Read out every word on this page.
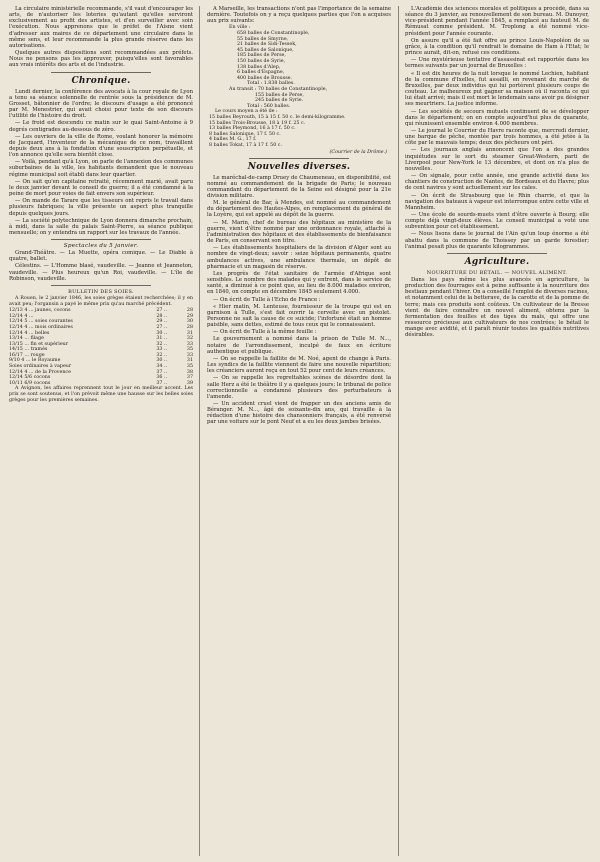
La circulaire ministérielle recommande, s'il vaut d'encourager les arts, de n'autoriser les loteries qu'autant qu'elles serviront exclusivement au profit des artistes, et d'en surveiller avec soin l'exécution. Nous apprenons que le préfet de l'Aisne vient d'adresser aux maires de ce département une circulaire dans le même sens, et leur recommande la plus grande réserve dans les autorisations.

Quelques autres dispositions sont recommandées aux préfets. Nous ne pensons pas les approuver, puisqu'elles sont favorables aux vrais intérêts des arts et de l'industrie.

Chronique.

Lundi dernier, la conférence des avocats à la cour royale de Lyon a tenu sa séance solennelle de rentrée sous la présidence de M. Grosset, bâtonnier de l'ordre; le discours d'usage a été prononcé par M. Menestrier, qui avait choisi pour texte de son discours l'utilité de l'histoire du droit.

— Le froid est descendu ce matin sur le quai Saint-Antoine à 9 degrés centigrades au-dessous de zéro.

— Les ouvriers de la ville de Rome, voulant honorer la mémoire de Jacquard, l'inventeur de la mécanique de ce nom, travaillent depuis deux ans à la fondation d'une souscription perpétuelle, et l'on annonce qu'elle sera bientôt close.

— Voilà, pendant qu'à Lyon, on parle de l'annexion des communes suburbaines de la ville, les habitants demandent que le nouveau régime municipal soit établi dans leur quartier.

— On sait qu'en capitaine retraité, récemment marié, avait paru le deux janvier devant le conseil de guerre; il a été condamné à la peine de mort pour voies de fait envers son supérieur.

— On mande de Tarare que les tisseurs ont repris le travail dans plusieurs fabriques; la ville présente un aspect plus tranquille depuis quelques jours.

— La société polytechnique de Lyon donnera dimanche prochain, à midi, dans la salle du palais Saint-Pierre, sa séance publique mensuelle; on y entendra un rapport sur les travaux de l'année.

Spectacles du 5 janvier.

Grand-Théâtre. — La Muette, opéra comique. — Le Diable à quatre, ballet.

Célestins. — L'Homme blasé, vaudeville. — Jeanne et Jeanneton, vaudeville. — Plus heureux qu'un Roi, vaudeville. — L'île de Robinson, vaudeville.

BULLETIN DES SOIES.

A Rouen, le 2 janvier 1846, les soies grèges étaient recherchées; il y en avait peu; l'organsin a payé le même prix qu'au marché précédent.

12/13 4 ... jaunes, cocons	27 ..	28
12/14 4 ...	28 ..	29
12/14 5 ... soies courantes	29 ..	30
12/14 4 ... mois ordinaires	27 ..	28
12/14 4 ... belles	30 ..	31
13/14 ... filage	31 ..	32
13/15 ... fin et supérieur	32 ..	33
14/15 ... tramés	33 ..	35
16/17 ... rouge	32 ..	33
9/10 4 ... le Royaume	30 ..	31
Soies ordinaires à vapeur	34 ..	35
12/14 4 ... de la Provence	37 ..	38
12/14 5/6 cocons	36 ..	37
10/11 6/9 cocons	37 ..	39

A Avignon, les affaires reprennent tout le jour en meilleur accent. Les prix se sont soutenus, et l'on prévoit même une hausse sur les belles soies grèges pour les premières semaines.

A Marseille, les transactions n'ont pas l'importance de la semaine dernière. Toutefois on y a reçu quelques parties que l'on a acquises aux prix suivants:

En ville :
658 balles de Constantinople,
55 balles de Smyrne,
21 balles de Sidi-Tessek,
45 balles de Salonique,
185 balles de Perse,
150 balles de Syrie,
138 balles d'Alep,
6 balles d'Espagne,
400 balles de Brousse.
Total : 1.838 balles.
Au transit : 70 balles de Constantinople,
155 balles de Perse,
245 balles de Syrie.
Total : 560 balles.
Le cours moyen a été de :
15 balles Beyrouth, 15 à 15 f. 50 c. le demi-kilogramme.
15 balles Trois-Brousse, 18 à 19 f. 25 c.
13 balles Pleymond, 16 à 17 f. 50 c.
8 balles Salonique, 17 f. 50 c.
4 balles M. G., 17 f.
8 balles Tokat, 17 à 17 f. 50 c.
(Courrier de la Drôme.)
Nouvelles diverses.

Le maréchal-de-camp Druey de Chaumeneau, en disponibilité, est nommé au commandement de la brigade de Paris; le nouveau commandant du département de la Seine est désigné pour la 21e division militaire.

M. le général de Bar, à Mendes, est nommé au commandement du département des Hautes-Alpes, en remplacement du général de la Loyère, qui est appelé au dépôt de la guerre.

— M. Marin, chef de bureau des hôpitaux au ministère de la guerre, vient d'être nommé par une ordonnance royale, attaché à l'administration des hôpitaux et des établissements de bienfaisance de Paris, en conservant son titre.

— Les établissements hospitaliers de la division d'Alger sont au nombre de vingt-deux; savoir : seize hôpitaux permanents, quatre ambulances actives, une ambulance thermale, un dépôt de pharmacie et un magasin de réserve.

Les progrès de l'état sanitaire de l'armée d'Afrique sont sensibles. Le nombre des malades qui y entrent, dans le service de santé, a diminué à ce point que, au lieu de 8.000 malades environ, en 1840, on compte en décembre 1845 seulement 4.000.

— On écrit de Tulle à l'Echo de France :

« Hier matin, M. Lenteuse, fournisseur de la troupe qui est en garnison à Tulle, s'est fait ouvrir la cervelle avec un pistolet. Personne ne sait la cause de ce suicide; l'infortuné était un homme paisible, sans dettes, estimé de tous ceux qui le connaissaient.

— On écrit de Tulle à la même feuille :

Le gouvernement a nommé dans la prison de Tulle M. N..., notaire de l'arrondissement, inculpé de faux en écriture authentique et publique.

— On se rappelle la faillite de M. Noé, agent de change à Paris. Les syndics de la faillite viennent de faire une nouvelle répartition; les créanciers auront reçu en tout 52 pour cent de leurs créances.

— On se rappelle les regrettables scènes de désordre dont la salle Herz a été le théâtre il y a quelques jours; le tribunal de police correctionnelle a condamné plusieurs des perturbateurs à l'amende.

— Un accident cruel vient de frapper un des anciens amis de Béranger. M. N..., âgé de soixante-dix ans, qui travaille à la rédaction d'une histoire des chansonniers français, a été renversé par une voiture sur le pont Neuf et a eu les deux jambes brisées.

L'Académie des sciences morales et politiques a procédé, dans sa séance du 3 janvier, au renouvellement de son bureau. M. Dunoyer, vice-président pendant l'année 1845, a remplacé au fauteuil M. de Rémusat comme président. M. Troplong a été nommé vice-président pour l'année courante.

On assure qu'il a été fait offre au prince Louis-Napoléon de sa grâce, à la condition qu'il rendrait le domaine de Ham à l'Etat; le prince aurait, dit-on, refusé ces conditions.

— Une mystérieuse tentative d'assassinat est rapportée dans les termes suivants par un journal de Bruxelles :

« Il est dix heures de la nuit lorsque le nommé Lechien, habitant de la commune d'Ixelles, fut assailli, en revenant du marché de Bruxelles, par deux individus qui lui portèrent plusieurs coups de couteau. Le malheureux put gagner sa maison où il raconta ce qui lui était arrivé; mais il est mort le lendemain sans avoir pu désigner ses meurtriers. La justice informe.

— Les sociétés de secours mutuels continuent de se développer dans le département; on en compte aujourd'hui plus de quarante, qui réunissent ensemble environ 4.000 membres.

— Le journal le Courrier du Havre raconte que, mercredi dernier, une barque de pêche, montée par trois hommes, a été jetée à la côte par le mauvais temps; deux des pêcheurs ont péri.

— Les journaux anglais annoncent que l'on a des grandes inquiétudes sur le sort du steamer Great-Western, parti de Liverpool pour New-York le 13 décembre, et dont on n'a plus de nouvelles.

— On signale, pour cette année, une grande activité dans les chantiers de construction de Nantes, de Bordeaux et du Havre; plus de cent navires y sont actuellement sur les cales.

— On écrit de Strasbourg que le Rhin charrie, et que la navigation des bateaux à vapeur est interrompue entre cette ville et Mannheim.

— Une école de sourds-muets vient d'être ouverte à Bourg; elle compte déjà vingt-deux élèves. Le conseil municipal a voté une subvention pour cet établissement.

— Nous lisons dans le journal de l'Ain qu'un loup énorme a été abattu dans la commune de Thoissey par un garde forestier; l'animal pesait plus de quarante kilogrammes.

Agriculture.
NOURRITURE DU BÉTAIL. — NOUVEL ALIMENT.

Dans les pays même les plus avancés en agriculture, la production des fourrages est à peine suffisante à la nourriture des bestiaux pendant l'hiver. On a conseillé l'emploi de diverses racines, et notamment celui de la betterave, de la carotte et de la pomme de terre; mais ces produits sont coûteux. Un cultivateur de la Bresse vient de faire connaître un nouvel aliment, obtenu par la fermentation des feuilles et des tiges du maïs, qui offre une ressource précieuse aux cultivateurs de nos contrées; le bétail le mange avec avidité, et il paraît réunir toutes les qualités nutritives désirables.
